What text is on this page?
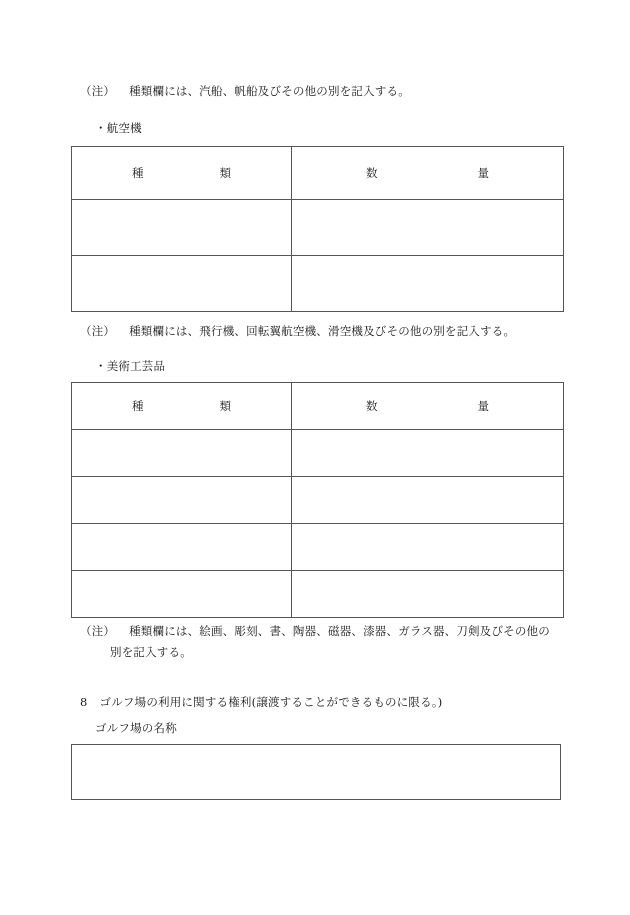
（注） 種類欄には、汽船、帆船及びその他の別を記入する。
・航空機
種 類	数 量

（注） 種類欄には、飛行機、回転翼航空機、滑空機及びその他の別を記入する。
・美術工芸品
種 類	数 量

（注） 種類欄には、絵画、彫刻、書、陶器、磁器、漆器、ガラス器、刀剣及びその他の
別を記入する。
8 ゴルフ場の利用に関する権利(譲渡することができるものに限る。)
ゴルフ場の名称
